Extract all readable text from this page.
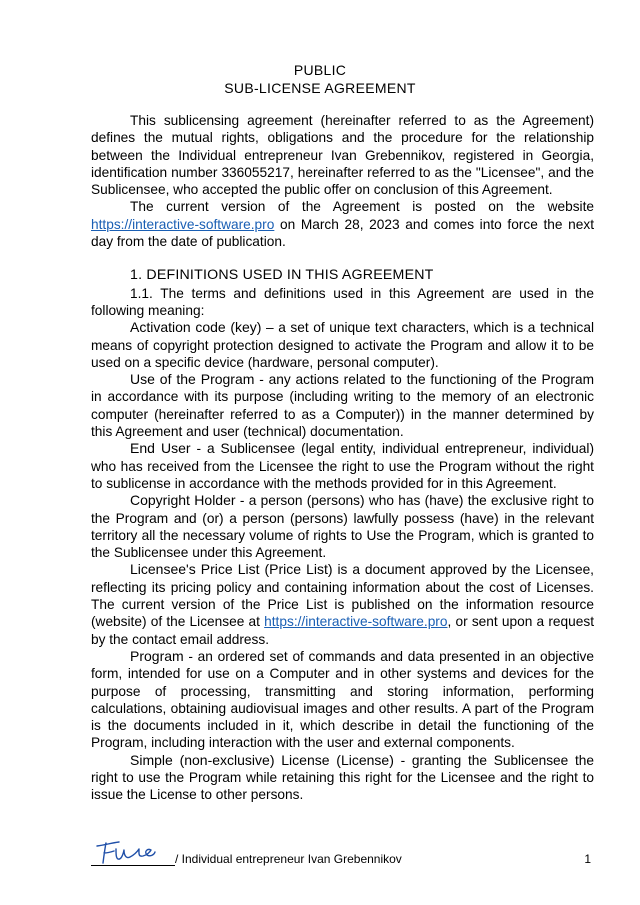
PUBLIC
SUB-LICENSE AGREEMENT

This sublicensing agreement (hereinafter referred to as the Agreement) defines the mutual rights, obligations and the procedure for the relationship between the Individual entrepreneur Ivan Grebennikov, registered in Georgia, identification number 336055217, hereinafter referred to as the "Licensee", and the Sublicensee, who accepted the public offer on conclusion of this Agreement.

The current version of the Agreement is posted on the website https://interactive-software.pro on March 28, 2023 and comes into force the next day from the date of publication.

1. DEFINITIONS USED IN THIS AGREEMENT

1.1. The terms and definitions used in this Agreement are used in the following meaning:

Activation code (key) – a set of unique text characters, which is a technical means of copyright protection designed to activate the Program and allow it to be used on a specific device (hardware, personal computer).

Use of the Program - any actions related to the functioning of the Program in accordance with its purpose (including writing to the memory of an electronic computer (hereinafter referred to as a Computer)) in the manner determined by this Agreement and user (technical) documentation.

End User - a Sublicensee (legal entity, individual entrepreneur, individual) who has received from the Licensee the right to use the Program without the right to sublicense in accordance with the methods provided for in this Agreement.

Copyright Holder - a person (persons) who has (have) the exclusive right to the Program and (or) a person (persons) lawfully possess (have) in the relevant territory all the necessary volume of rights to Use the Program, which is granted to the Sublicensee under this Agreement.

Licensee's Price List (Price List) is a document approved by the Licensee, reflecting its pricing policy and containing information about the cost of Licenses. The current version of the Price List is published on the information resource (website) of the Licensee at https://interactive-software.pro, or sent upon a request by the contact email address.

Program - an ordered set of commands and data presented in an objective form, intended for use on a Computer and in other systems and devices for the purpose of processing, transmitting and storing information, performing calculations, obtaining audiovisual images and other results. A part of the Program is the documents included in it, which describe in detail the functioning of the Program, including interaction with the user and external components.

Simple (non-exclusive) License (License) - granting the Sublicensee the right to use the Program while retaining this right for the Licensee and the right to issue the License to other persons.

/ Individual entrepreneur Ivan Grebennikov	1
